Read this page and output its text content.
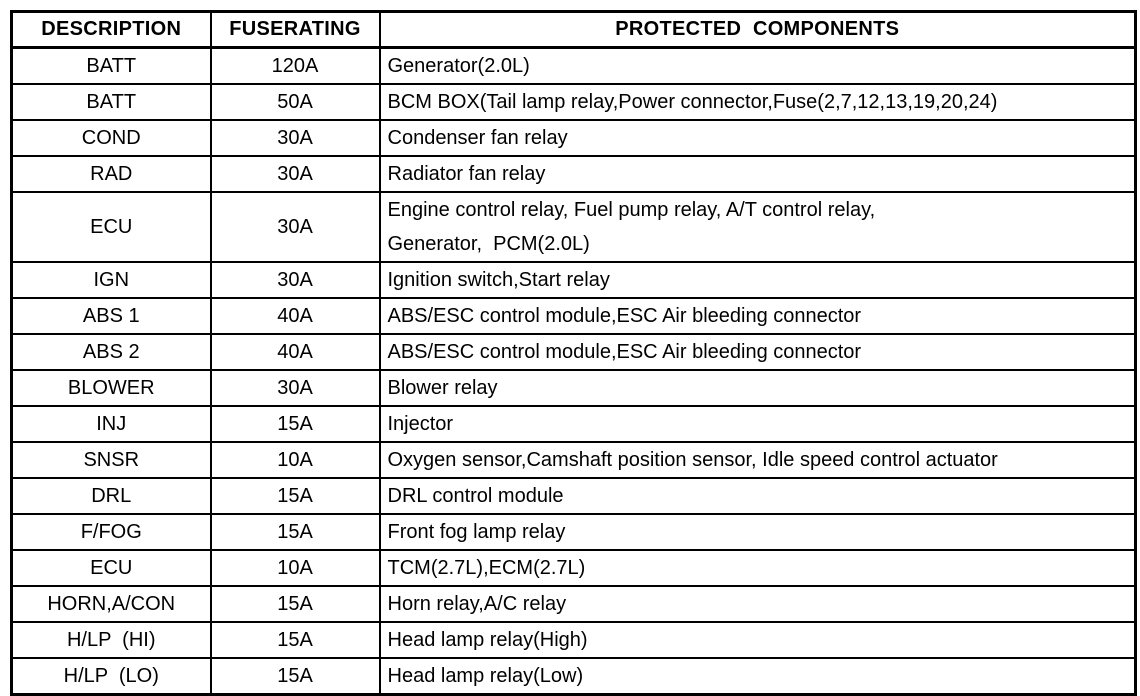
DESCRIPTION	FUSERATING	PROTECTED  COMPONENTS
BATT	120A	Generator(2.0L)

BATT	50A	BCM BOX(Tail lamp relay,Power connector,Fuse(2,7,12,13,19,20,24)

COND	30A	Condenser fan relay

RAD	30A	Radiator fan relay

ECU	30A	Engine control relay, Fuel pump relay, A/T control relay,
Generator,  PCM(2.0L)

IGN	30A	Ignition switch,Start relay

ABS 1	40A	ABS/ESC control module,ESC Air bleeding connector

ABS 2	40A	ABS/ESC control module,ESC Air bleeding connector

BLOWER	30A	Blower relay

INJ	15A	Injector

SNSR	10A	Oxygen sensor,Camshaft position sensor, Idle speed control actuator

DRL	15A	DRL control module

F/FOG	15A	Front fog lamp relay

ECU	10A	TCM(2.7L),ECM(2.7L)

HORN,A/CON	15A	Horn relay,A/C relay

H/LP  (HI)	15A	Head lamp relay(High)

H/LP  (LO)	15A	Head lamp relay(Low)
